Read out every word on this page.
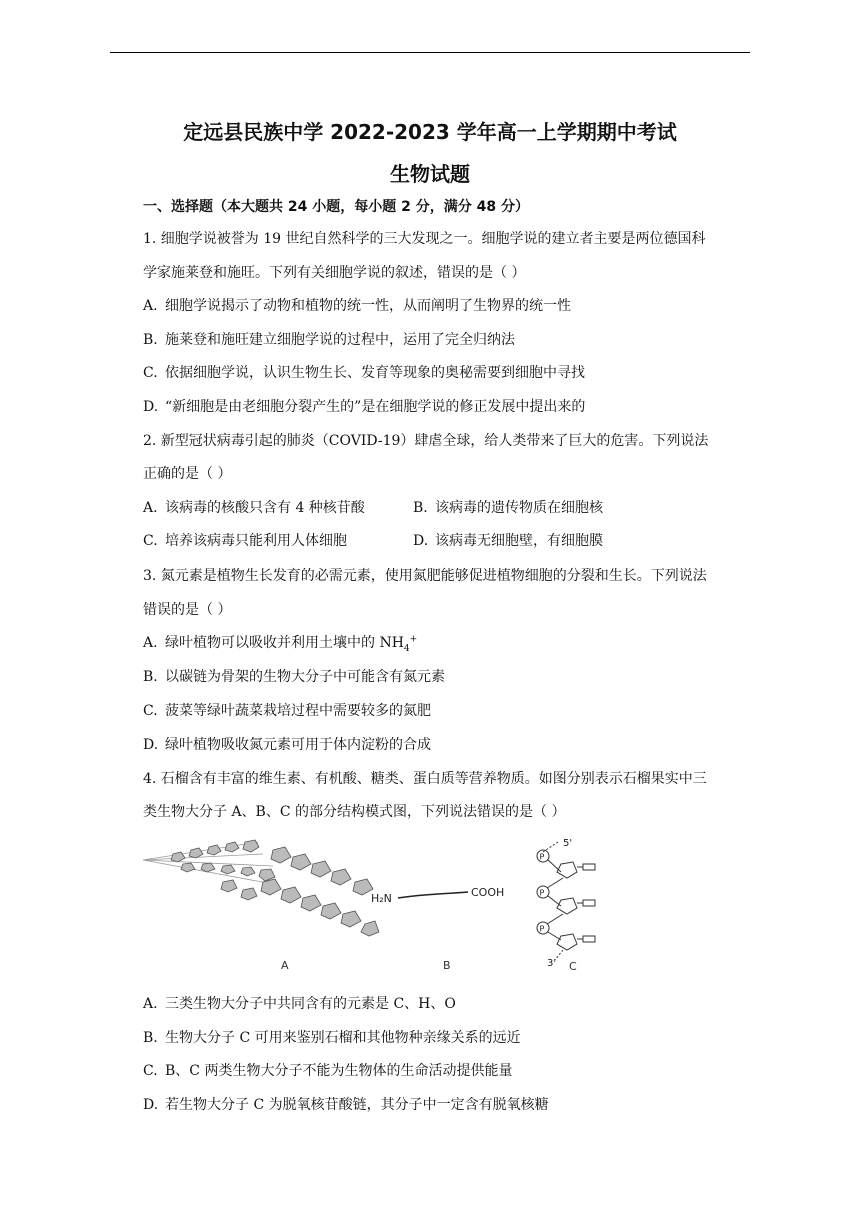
定远县民族中学 2022-2023 学年高一上学期期中考试
生物试题
一、选择题（本大题共 24 小题，每小题 2 分，满分 48 分）
1. 细胞学说被誉为 19 世纪自然科学的三大发现之一。细胞学说的建立者主要是两位德国科
学家施莱登和施旺。下列有关细胞学说的叙述，错误的是（ ）
A. 细胞学说揭示了动物和植物的统一性，从而阐明了生物界的统一性
B. 施莱登和施旺建立细胞学说的过程中，运用了完全归纳法
C. 依据细胞学说，认识生物生长、发育等现象的奥秘需要到细胞中寻找
D. “新细胞是由老细胞分裂产生的”是在细胞学说的修正发展中提出来的
2. 新型冠状病毒引起的肺炎（COVID-19）肆虐全球，给人类带来了巨大的危害。下列说法
正确的是（ ）
A. 该病毒的核酸只含有 4 种核苷酸	B. 该病毒的遗传物质在细胞核
C. 培养该病毒只能利用人体细胞	D. 该病毒无细胞壁，有细胞膜
3. 氮元素是植物生长发育的必需元素，使用氮肥能够促进植物细胞的分裂和生长。下列说法
错误的是（ ）
A. 绿叶植物可以吸收并利用土壤中的 $NH_4^+$
B. 以碳链为骨架的生物大分子中可能含有氮元素
C. 菠菜等绿叶蔬菜栽培过程中需要较多的氮肥
D. 绿叶植物吸收氮元素可用于体内淀粉的合成
4. 石榴含有丰富的维生素、有机酸、糖类、蛋白质等营养物质。如图分别表示石榴果实中三
类生物大分子 A、B、C 的部分结构模式图，下列说法错误的是（ ）
A
H₂N	COOH
B
5'
P
P
P
3' C
A. 三类生物大分子中共同含有的元素是 C、H、O
B. 生物大分子 C 可用来鉴别石榴和其他物种亲缘关系的远近
C. B、C 两类生物大分子不能为生物体的生命活动提供能量
D. 若生物大分子 C 为脱氧核苷酸链，其分子中一定含有脱氧核糖
